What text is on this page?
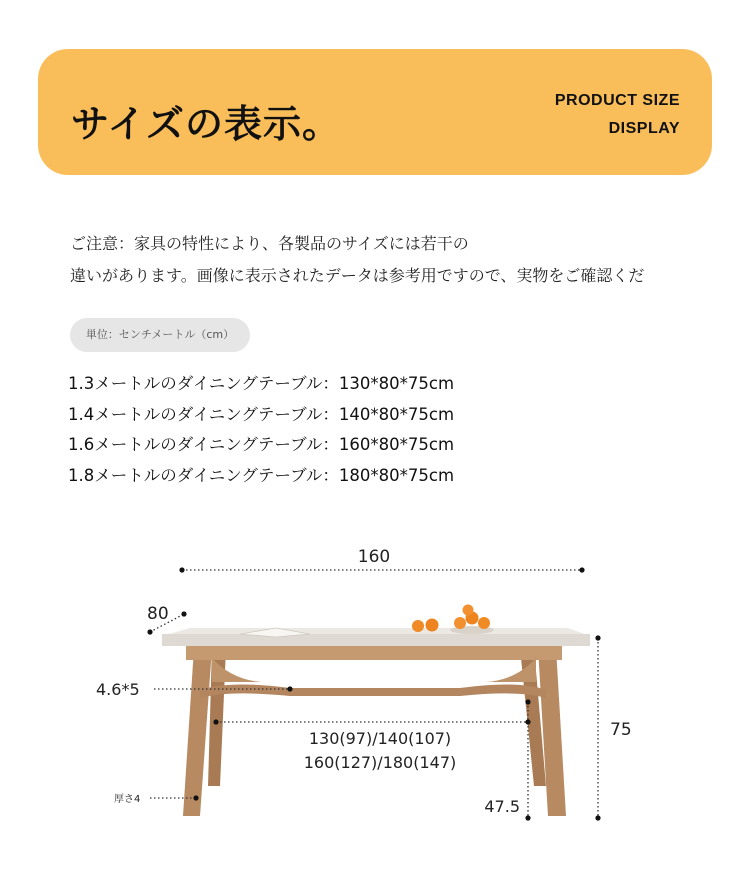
サイズの表示。
PRODUCT SIZE
DISPLAY
ご注意：家具の特性により、各製品のサイズには若干の
違いがあります。画像に表示されたデータは参考用ですので、実物をご確認くだ
単位：センチメートル（cm）
1.3メートルのダイニングテーブル：130*80*75cm
1.4メートルのダイニングテーブル：140*80*75cm
1.6メートルのダイニングテーブル：160*80*75cm
1.8メートルのダイニングテーブル：180*80*75cm
160
80
4.6*5
130(97)/140(107)
160(127)/180(147)
75
厚さ4	47.5
